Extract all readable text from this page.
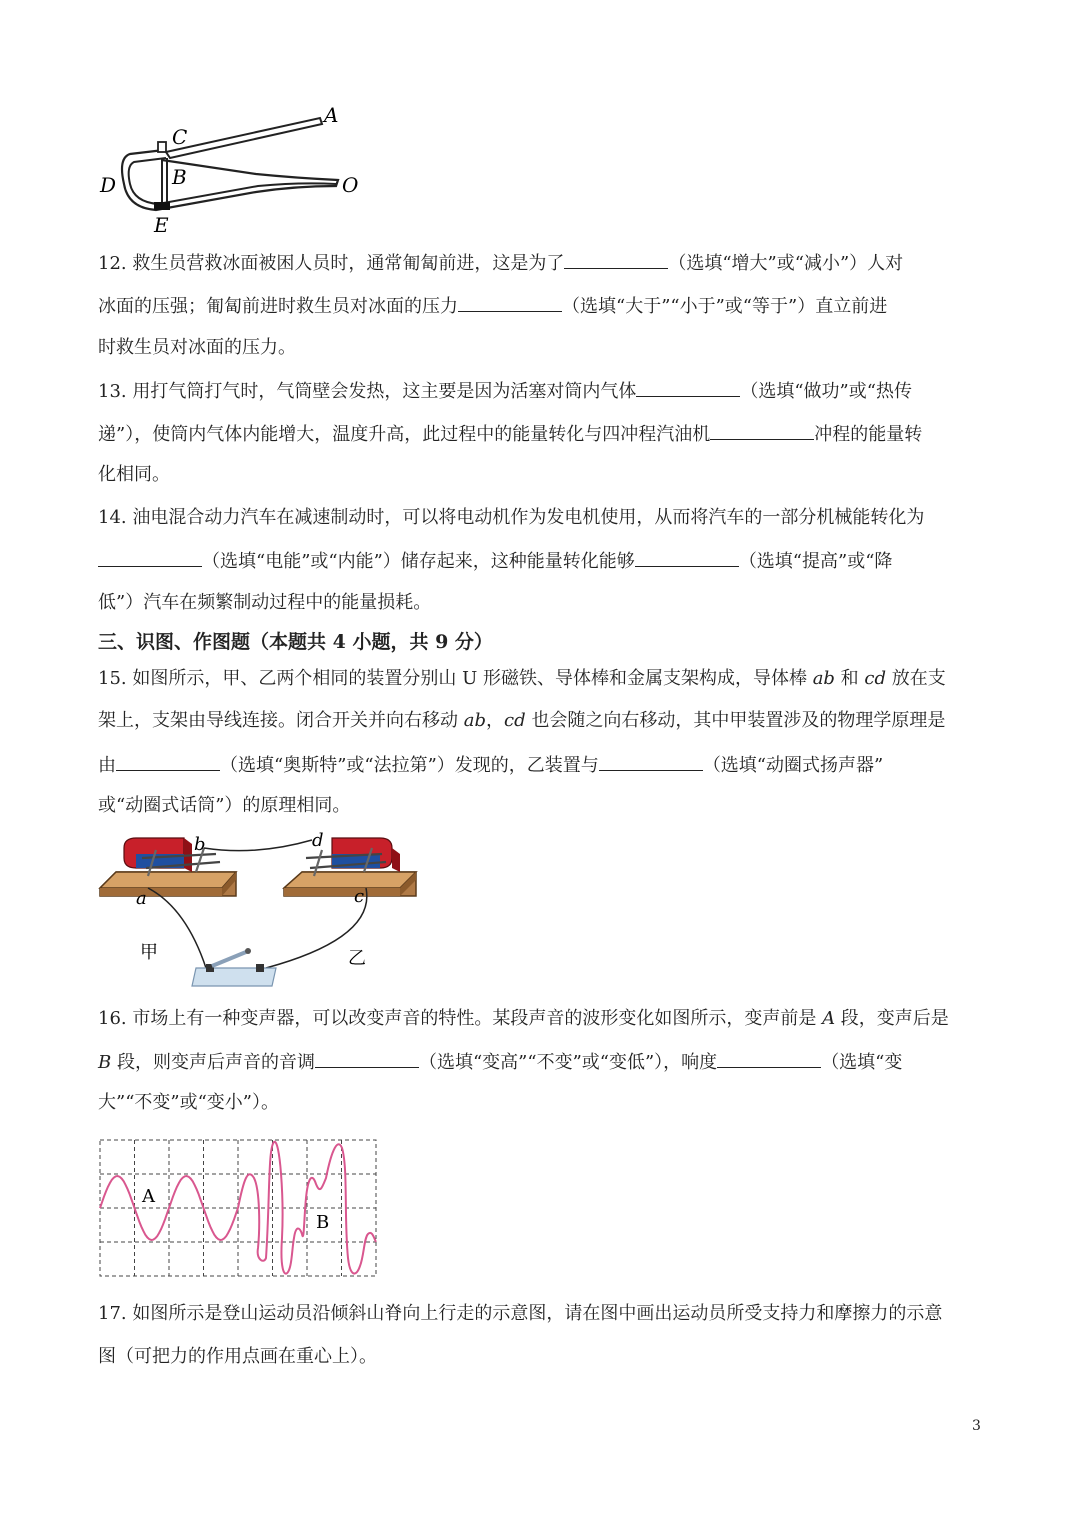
A
C
B
D	O
E
12. 救生员营救冰面被困人员时，通常匍匐前进，这是为了	（选填“增大”或“减小”）人对
冰面的压强；匍匐前进时救生员对冰面的压力	（选填“大于”“小于”或“等于”）直立前进
时救生员对冰面的压力。
13. 用打气筒打气时，气筒壁会发热，这主要是因为活塞对筒内气体	（选填“做功”或“热传
递”），使筒内气体内能增大，温度升高，此过程中的能量转化与四冲程汽油机	冲程的能量转
化相同。
14. 油电混合动力汽车在减速制动时，可以将电动机作为发电机使用，从而将汽车的一部分机械能转化为
（选填“电能”或“内能”）储存起来，这种能量转化能够	（选填“提高”或“降
低”）汽车在频繁制动过程中的能量损耗。
三、识图、作图题（本题共 4 小题，共 9 分）
15. 如图所示，甲、乙两个相同的装置分别山 U 形磁铁、导体棒和金属支架构成，导体棒 ab 和 cd 放在支
架上，支架由导线连接。闭合开关并向右移动 ab，cd 也会随之向右移动，其中甲装置涉及的物理学原理是
由	（选填“奥斯特”或“法拉第”）发现的，乙装置与	（选填“动圈式扬声器”
或“动圈式话筒”）的原理相同。
b	d
a	c
甲	乙
16. 市场上有一种变声器，可以改变声音的特性。某段声音的波形变化如图所示，变声前是 A 段，变声后是
B 段，则变声后声音的音调	（选填“变高”“不变”或“变低”），响度	（选填“变
大”“不变”或“变小”）。
A
B
17. 如图所示是登山运动员沿倾斜山脊向上行走的示意图，请在图中画出运动员所受支持力和摩擦力的示意
图（可把力的作用点画在重心上）。
3
